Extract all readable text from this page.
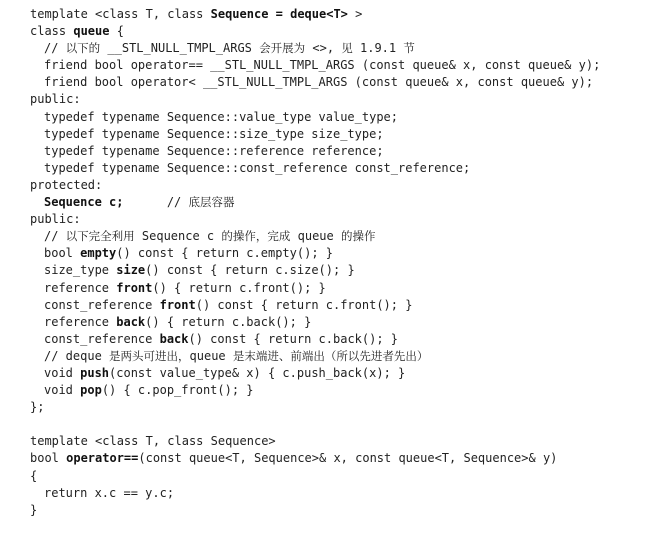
template <class T, class Sequence = deque<T> >
class queue {
// 以下的 __STL_NULL_TMPL_ARGS 会开展为 <>, 见 1.9.1 节
friend bool operator== __STL_NULL_TMPL_ARGS (const queue& x, const queue& y);
friend bool operator< __STL_NULL_TMPL_ARGS (const queue& x, const queue& y);
public:
typedef typename Sequence::value_type value_type;
typedef typename Sequence::size_type size_type;
typedef typename Sequence::reference reference;
typedef typename Sequence::const_reference const_reference;
protected:
Sequence c;      // 底层容器
public:
// 以下完全利用 Sequence c 的操作，完成 queue 的操作
bool empty() const { return c.empty(); }
size_type size() const { return c.size(); }
reference front() { return c.front(); }
const_reference front() const { return c.front(); }
reference back() { return c.back(); }
const_reference back() const { return c.back(); }
// deque 是两头可进出，queue 是末端进、前端出（所以先进者先出）
void push(const value_type& x) { c.push_back(x); }
void pop() { c.pop_front(); }
};
template <class T, class Sequence>
bool operator==(const queue<T, Sequence>& x, const queue<T, Sequence>& y)
{
return x.c == y.c;
}
